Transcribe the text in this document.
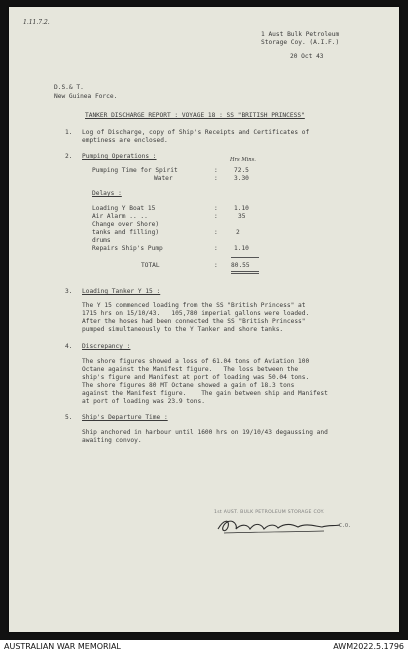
1.11.7.2.
1 Aust Bulk Petroleum
Storage Coy. (A.I.F.)
20 Oct 43
D.S.& T.
New Guinea Force.
TANKER DISCHARGE REPORT : VOYAGE 18 : SS "BRITISH PRINCESS"
1. Log of Discharge, copy of Ship's Receipts and Certificates of
emptiness are enclosed.
2. Pumping Operations :	Hrs Mins.
Pumping Time for Spirit	:	72.5
Water	:	3.30
Delays :
Loading Y Boat 15	:	1.10
Air Alarm .. ..	:	35
Change over Shore)
tanks and filling)	:	2
drums
Repairs Ship's Pump	:	1.10
TOTAL	: 80.55
3. Loading Tanker Y 15 :
The Y 15 commenced loading from the SS "British Princess" at
1715 hrs on 15/10/43.   105,780 imperial gallons were loaded.
After the hoses had been connected the SS "British Princess"
pumped simultaneously to the Y Tanker and shore tanks.
4. Discrepancy :
The shore figures showed a loss of 61.04 tons of Aviation 100
Octane against the Manifest figure.   The loss between the
ship's figure and Manifest at port of loading was 50.04 tons.
The shore figures 80 MT Octane showed a gain of 18.3 tons
against the Manifest figure.    The gain between ship and Manifest
at port of loading was 23.9 tons.
5. Ship's Departure Time :
Ship anchored in harbour until 1600 hrs on 19/10/43 degaussing and
awaiting convoy.
1st AUST. BULK PETROLEUM STORAGE COY.
C.O.
AUSTRALIAN WAR MEMORIAL	AWM2022.5.1796
